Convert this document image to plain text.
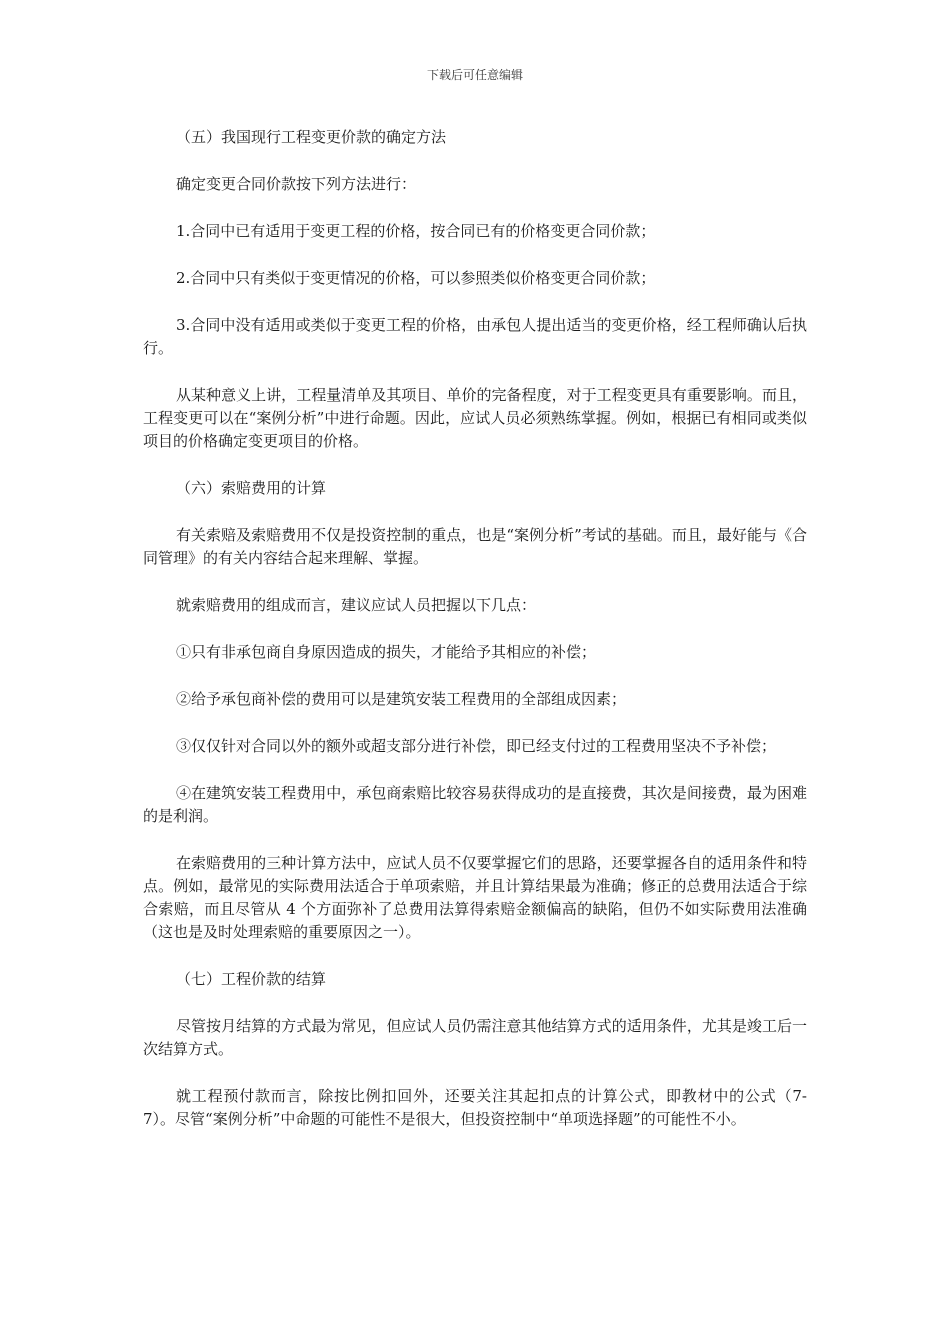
下载后可任意编辑

（五）我国现行工程变更价款的确定方法

确定变更合同价款按下列方法进行：

1.合同中已有适用于变更工程的价格，按合同已有的价格变更合同价款；

2.合同中只有类似于变更情况的价格，可以参照类似价格变更合同价款；

3.合同中没有适用或类似于变更工程的价格，由承包人提出适当的变更价格，经工程师确认后执行。

从某种意义上讲，工程量清单及其项目、单价的完备程度，对于工程变更具有重要影响。而且，工程变更可以在“案例分析”中进行命题。因此，应试人员必须熟练掌握。例如，根据已有相同或类似项目的价格确定变更项目的价格。

（六）索赔费用的计算

有关索赔及索赔费用不仅是投资控制的重点，也是“案例分析”考试的基础。而且，最好能与《合同管理》的有关内容结合起来理解、掌握。

就索赔费用的组成而言，建议应试人员把握以下几点：

①只有非承包商自身原因造成的损失，才能给予其相应的补偿；

②给予承包商补偿的费用可以是建筑安装工程费用的全部组成因素；

③仅仅针对合同以外的额外或超支部分进行补偿，即已经支付过的工程费用坚决不予补偿；

④在建筑安装工程费用中，承包商索赔比较容易获得成功的是直接费，其次是间接费，最为困难的是利润。

在索赔费用的三种计算方法中，应试人员不仅要掌握它们的思路，还要掌握各自的适用条件和特点。例如，最常见的实际费用法适合于单项索赔，并且计算结果最为准确；修正的总费用法适合于综合索赔，而且尽管从 4 个方面弥补了总费用法算得索赔金额偏高的缺陷，但仍不如实际费用法准确（这也是及时处理索赔的重要原因之一）。

（七）工程价款的结算

尽管按月结算的方式最为常见，但应试人员仍需注意其他结算方式的适用条件，尤其是竣工后一次结算方式。

就工程预付款而言，除按比例扣回外，还要关注其起扣点的计算公式，即教材中的公式（7-7）。尽管“案例分析”中命题的可能性不是很大，但投资控制中“单项选择题”的可能性不小。
